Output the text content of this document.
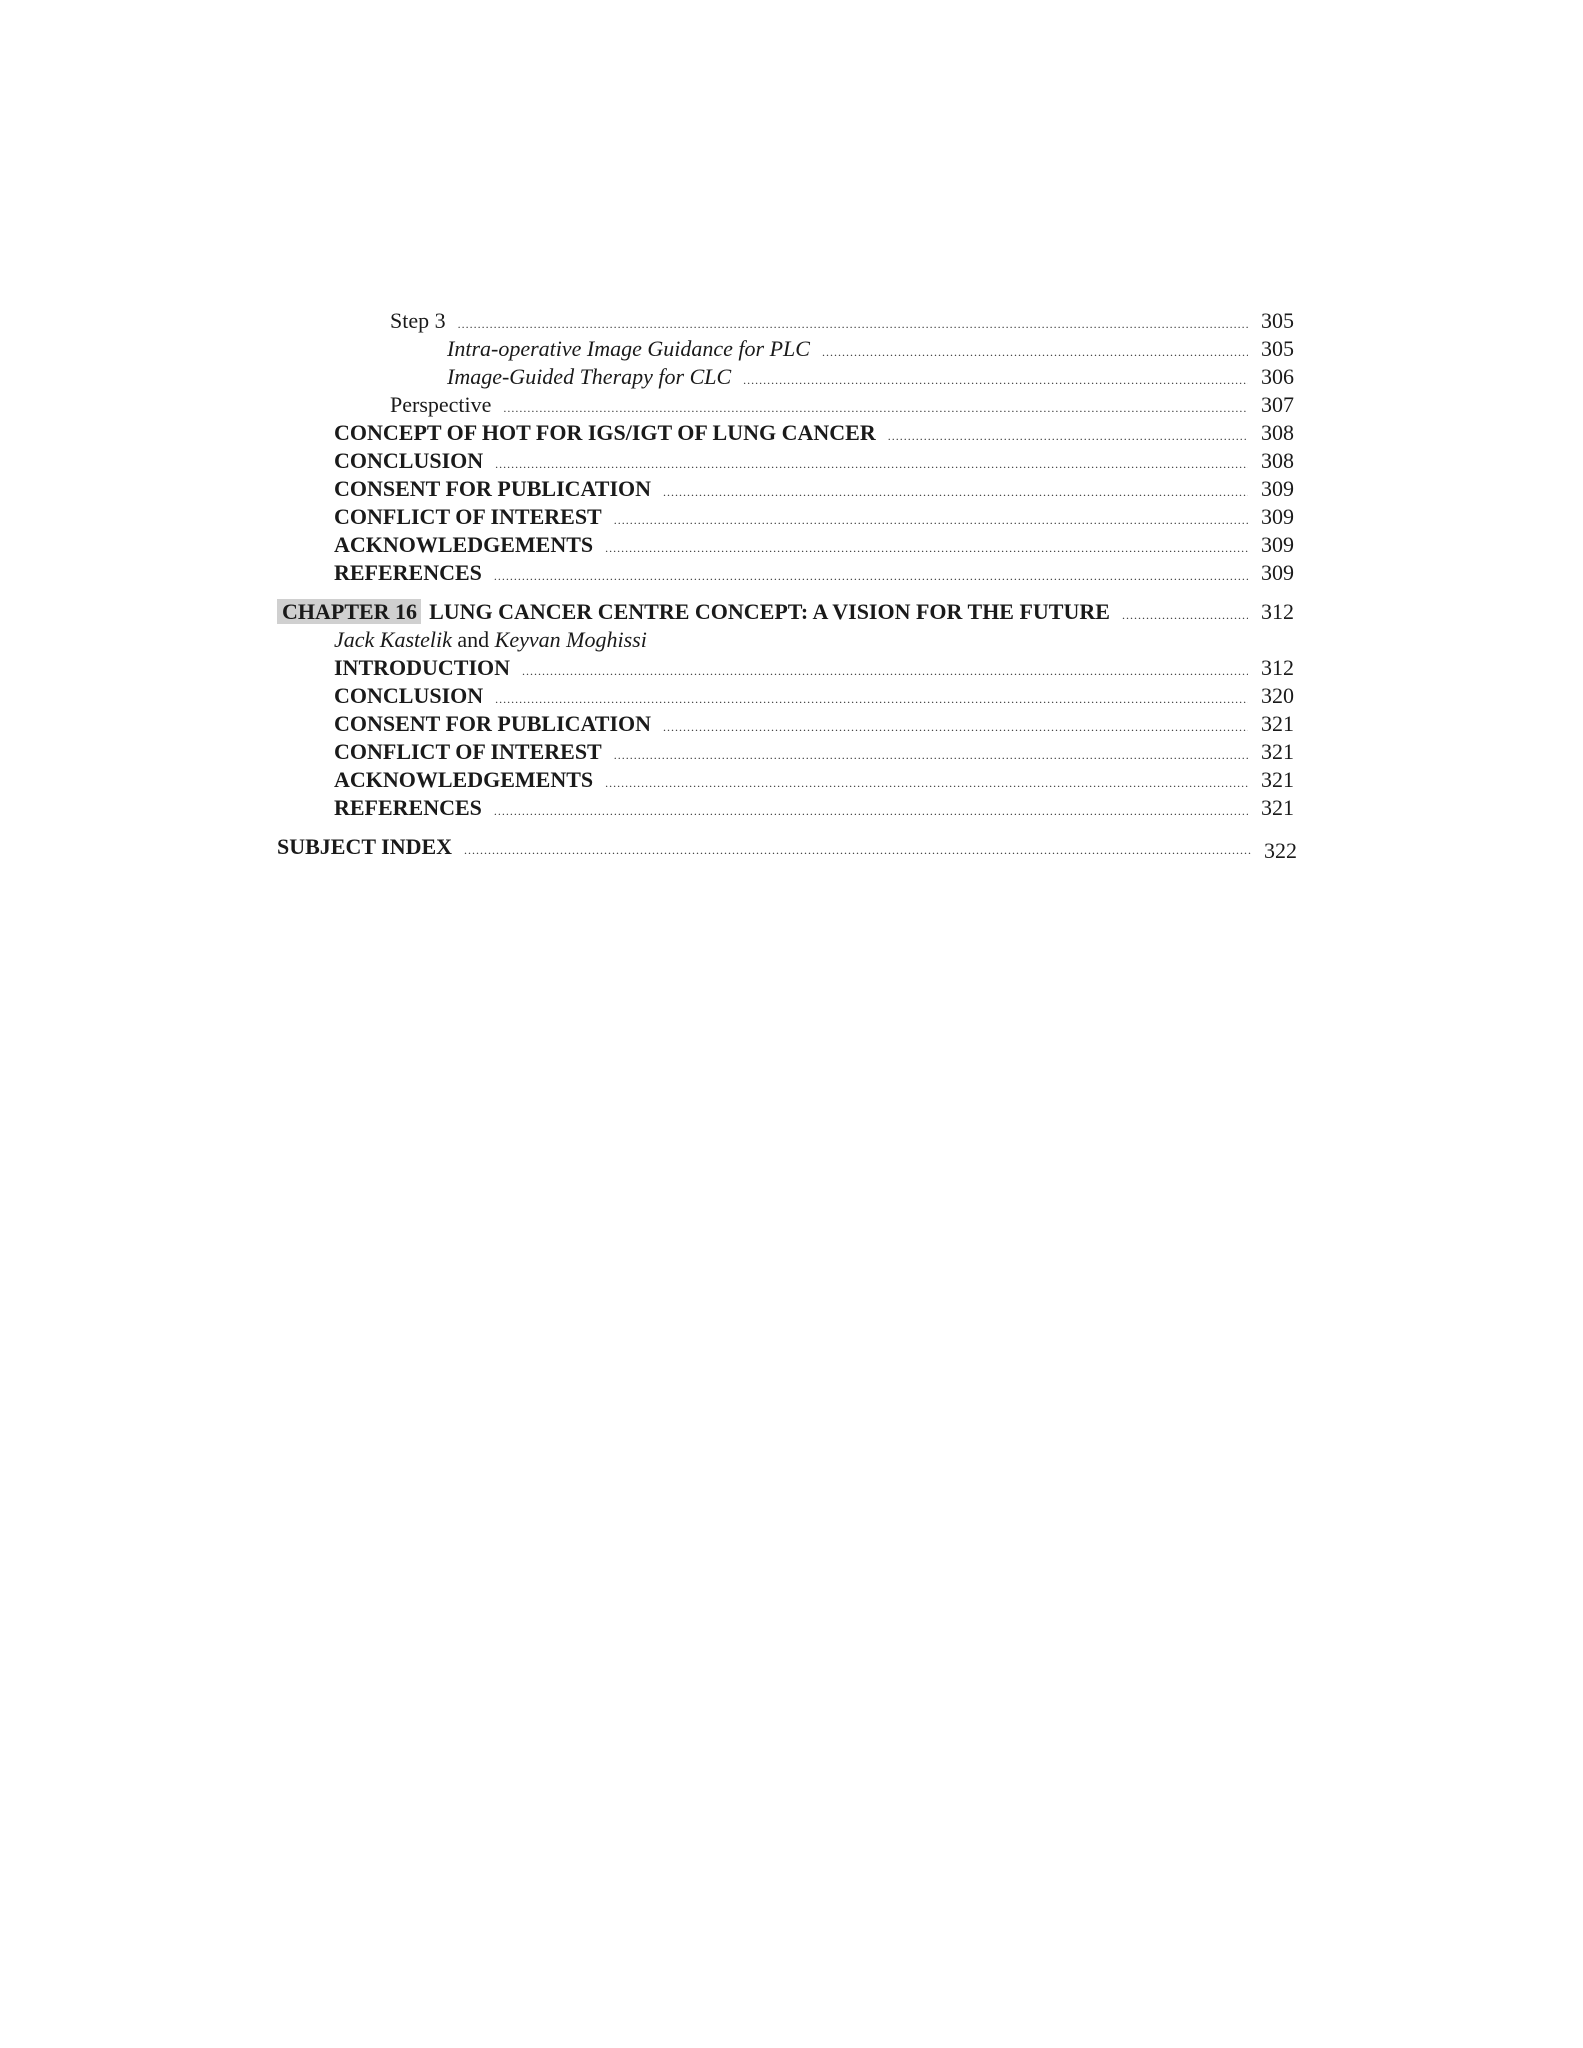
Step 3 .....	305
Intra-operative Image Guidance for PLC .....	305
Image-Guided Therapy for CLC .....	306
Perspective .....	307
CONCEPT OF HOT FOR IGS/IGT OF LUNG CANCER .....	308
CONCLUSION .....	308
CONSENT FOR PUBLICATION .....	309
CONFLICT OF INTEREST .....	309
ACKNOWLEDGEMENTS .....	309
REFERENCES .....	309
CHAPTER 16 LUNG CANCER CENTRE CONCEPT: A VISION FOR THE FUTURE .....	312
Jack Kastelik and Keyvan Moghissi
INTRODUCTION .....	312
CONCLUSION .....	320
CONSENT FOR PUBLICATION .....	321
CONFLICT OF INTEREST .....	321
ACKNOWLEDGEMENTS .....	321
REFERENCES .....	321
SUBJECT INDEX .....	322
